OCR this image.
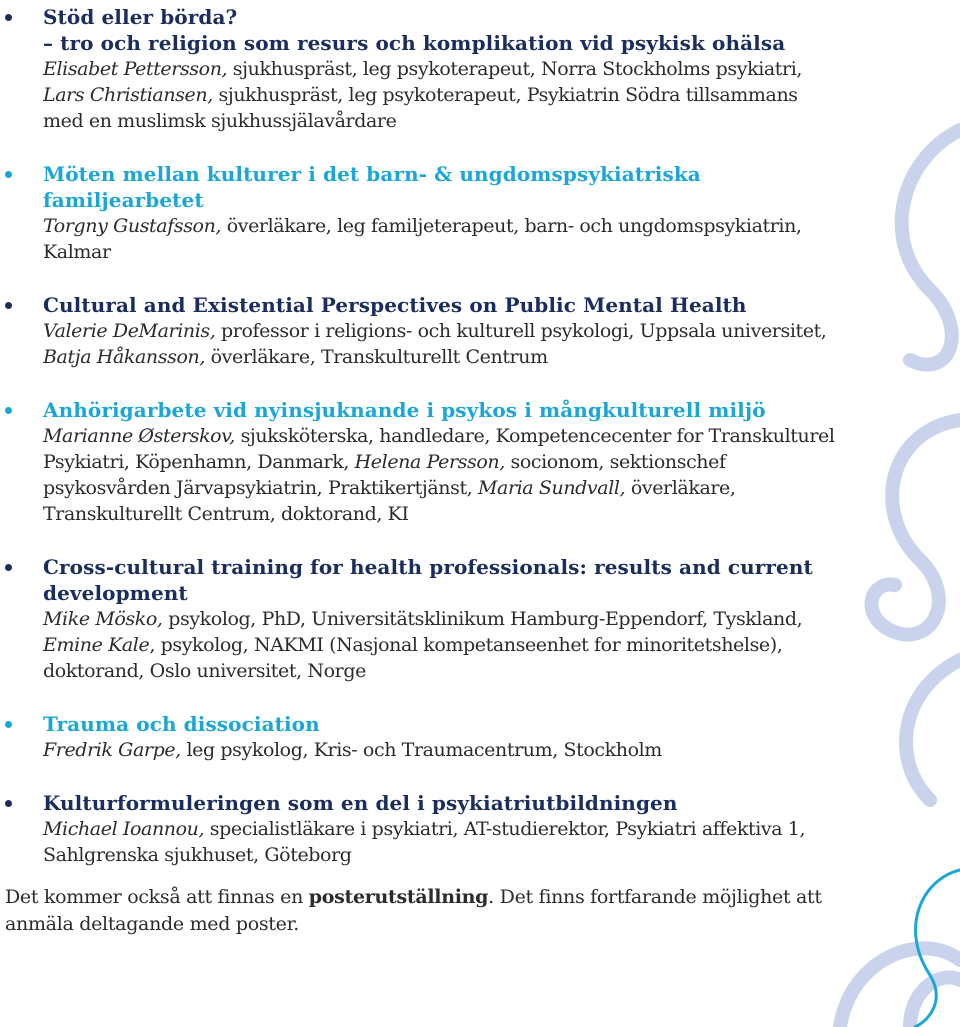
Stöd eller börda?
– tro och religion som resurs och komplikation vid psykisk ohälsa
Elisabet Pettersson, sjukhuspräst, leg psykoterapeut, Norra Stockholms psykiatri, Lars Christiansen, sjukhuspräst, leg psykoterapeut, Psykiatrin Södra tillsammans med en muslimsk sjukhussjälavårdare
Möten mellan kulturer i det barn- & ungdomspsykiatriska familjearbetet
Torgny Gustafsson, överläkare, leg familjeterapeut, barn- och ungdomspsykiatrin, Kalmar
Cultural and Existential Perspectives on Public Mental Health
Valerie DeMarinis, professor i religions- och kulturell psykologi, Uppsala universitet, Batja Håkansson, överläkare, Transkulturellt Centrum
Anhörigarbete vid nyinsjuknande i psykos i mångkulturell miljö
Marianne Østerskov, sjuksköterska, handledare, Kompetencecenter for Transkulturel Psykiatri, Köpenhamn, Danmark, Helena Persson, socionom, sektionschef psykosvården Järvapsykiatrin, Praktikertjänst, Maria Sundvall, överläkare, Transkulturellt Centrum, doktorand, KI
Cross-cultural training for health professionals: results and current development
Mike Mösko, psykolog, PhD, Universitätsklinikum Hamburg-Eppendorf, Tyskland, Emine Kale, psykolog, NAKMI (Nasjonal kompetanseenhet for minoritetshelse), doktorand, Oslo universitet, Norge
Trauma och dissociation
Fredrik Garpe, leg psykolog, Kris- och Traumacentrum, Stockholm
Kulturformuleringen som en del i psykiatriutbildningen
Michael Ioannou, specialistläkare i psykiatri, AT-studierektor, Psykiatri affektiva 1, Sahlgrenska sjukhuset, Göteborg

Det kommer också att finnas en posterutställning. Det finns fortfarande möjlighet att anmäla deltagande med poster.
